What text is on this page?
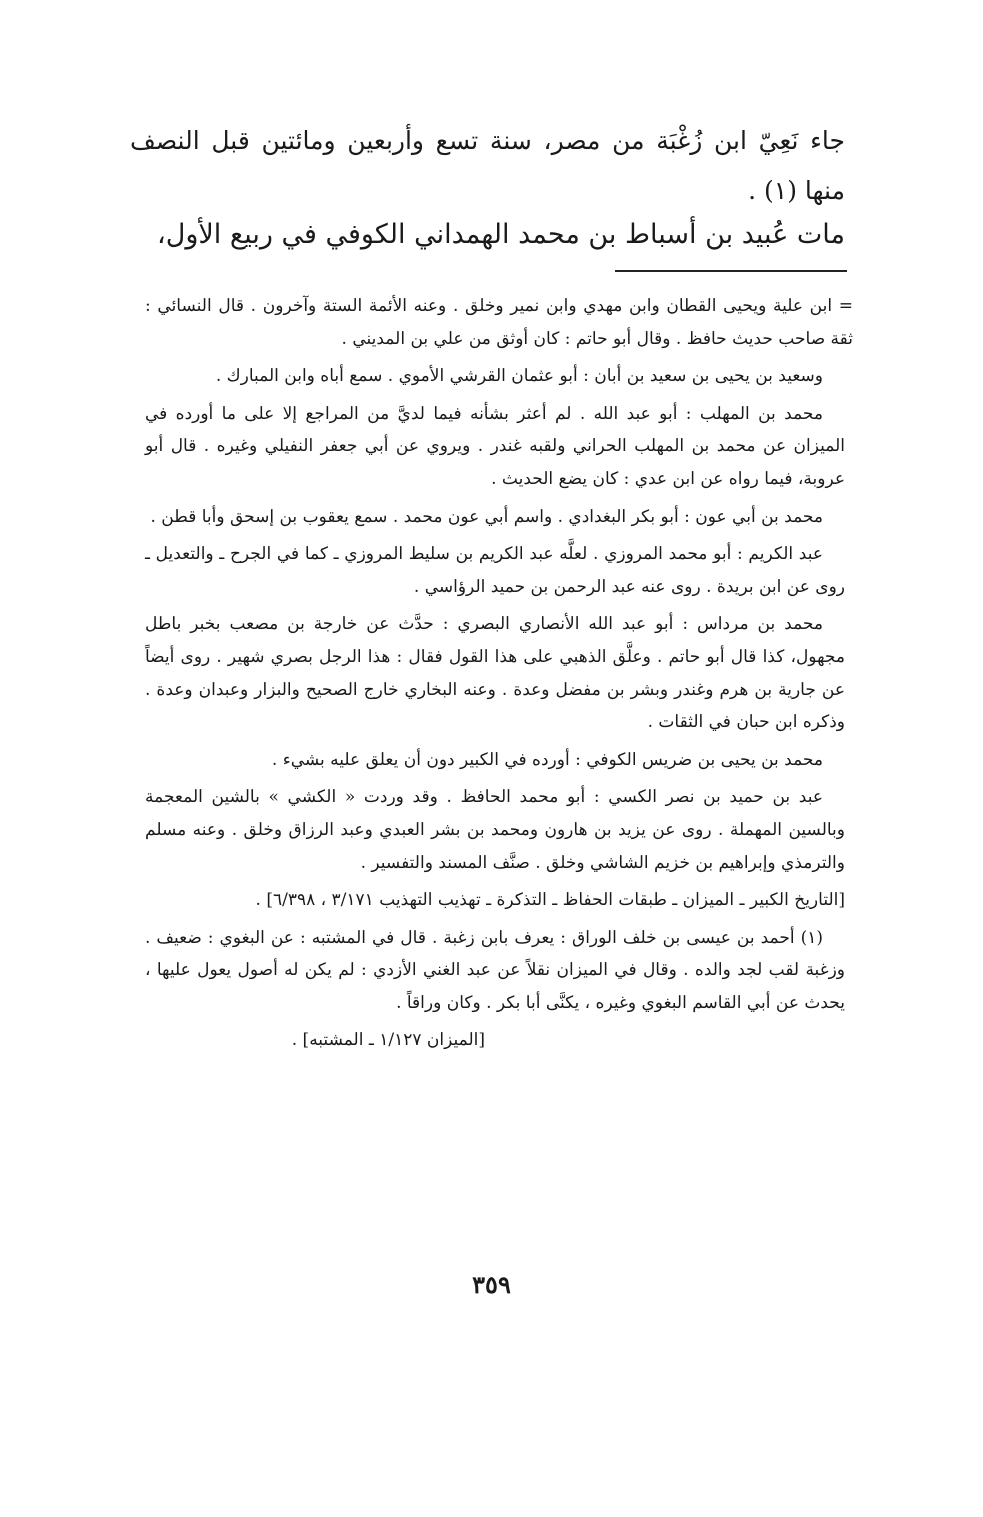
جاء نَعِيّ ابن زُغْبَة من مصر، سنة تسع وأربعين ومائتين قبل النصف منها (١) .
مات عُبيد بن أسباط بن محمد الهمداني الكوفي في ربيع الأول،

= ابن علية ويحيى القطان وابن مهدي وابن نمير وخلق . وعنه الأئمة الستة وآخرون . قال النسائي : ثقة صاحب حديث حافظ . وقال أبو حاتم : كان أوثق من علي بن المديني .

وسعيد بن يحيى بن سعيد بن أبان : أبو عثمان القرشي الأموي . سمع أباه وابن المبارك .

محمد بن المهلب : أبو عبد الله . لم أعثر بشأنه فيما لديَّ من المراجع إلا على ما أورده في الميزان عن محمد بن المهلب الحراني ولقبه غندر . ويروي عن أبي جعفر النفيلي وغيره . قال أبو عروبة، فيما رواه عن ابن عدي : كان يضع الحديث .

محمد بن أبي عون : أبو بكر البغدادي . واسم أبي عون محمد . سمع يعقوب بن إسحق وأبا قطن .

عبد الكريم : أبو محمد المروزي . لعلَّه عبد الكريم بن سليط المروزي ـ كما في الجرح ـ والتعديل ـ روى عن ابن بريدة . روى عنه عبد الرحمن بن حميد الرؤاسي .

محمد بن مرداس : أبو عبد الله الأنصاري البصري : حدَّث عن خارجة بن مصعب بخبر باطل مجهول، كذا قال أبو حاتم . وعلَّق الذهبي على هذا القول فقال : هذا الرجل بصري شهير . روى أيضاً عن جارية بن هرم وغندر وبشر بن مفضل وعدة . وعنه البخاري خارج الصحيح والبزار وعبدان وعدة . وذكره ابن حبان في الثقات .

محمد بن يحيى بن ضريس الكوفي : أورده في الكبير دون أن يعلق عليه بشيء .

عبد بن حميد بن نصر الكسي : أبو محمد الحافظ . وقد وردت « الكشي » بالشين المعجمة وبالسين المهملة . روى عن يزيد بن هارون ومحمد بن بشر العبدي وعبد الرزاق وخلق . وعنه مسلم والترمذي وإبراهيم بن خزيم الشاشي وخلق . صنَّف المسند والتفسير .

[التاريخ الكبير ـ الميزان ـ طبقات الحفاظ ـ التذكرة ـ تهذيب التهذيب ٣/١٧١ ، ٦/٣٩٨] .

(١) أحمد بن عيسى بن خلف الوراق : يعرف بابن زغبة . قال في المشتبه : عن البغوي : ضعيف . وزغبة لقب لجد والده . وقال في الميزان نقلاً عن عبد الغني الأزدي : لم يكن له أصول يعول عليها ، يحدث عن أبي القاسم البغوي وغيره ، يكنَّى أبا بكر . وكان وراقاً .

[الميزان ١/١٢٧ ـ المشتبه] .

٣٥٩
